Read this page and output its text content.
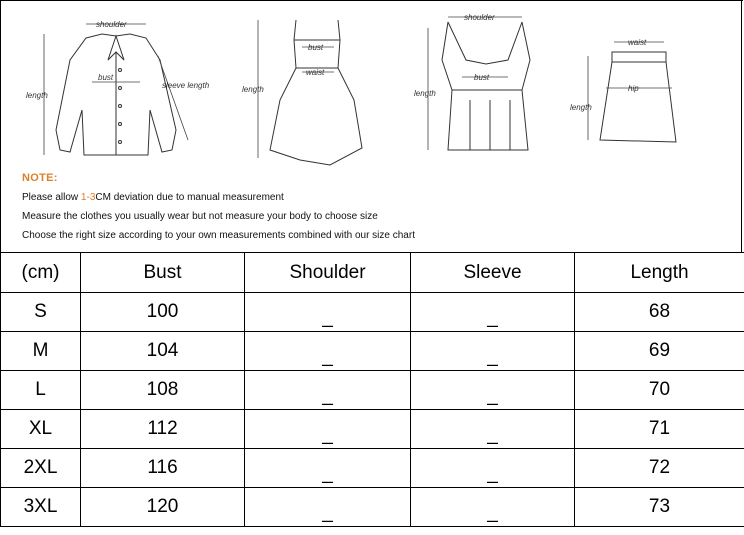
shoulder
length
bust
sleeve length	length
bust
waist
shoulder
length
bust
waist
hip
length
NOTE:
Please allow 1-3CM deviation due to manual measurement
Measure the clothes you usually wear but not measure your body to choose size
Choose the right size according to your own measurements combined with our size chart
(cm)	Bust	Shoulder	Sleeve	Length
S	100	_	_	68
M	104	_	_	69
L	108	_	_	70
XL	112	_	_	71
2XL	116	_	_	72
3XL	120	_	_	73
